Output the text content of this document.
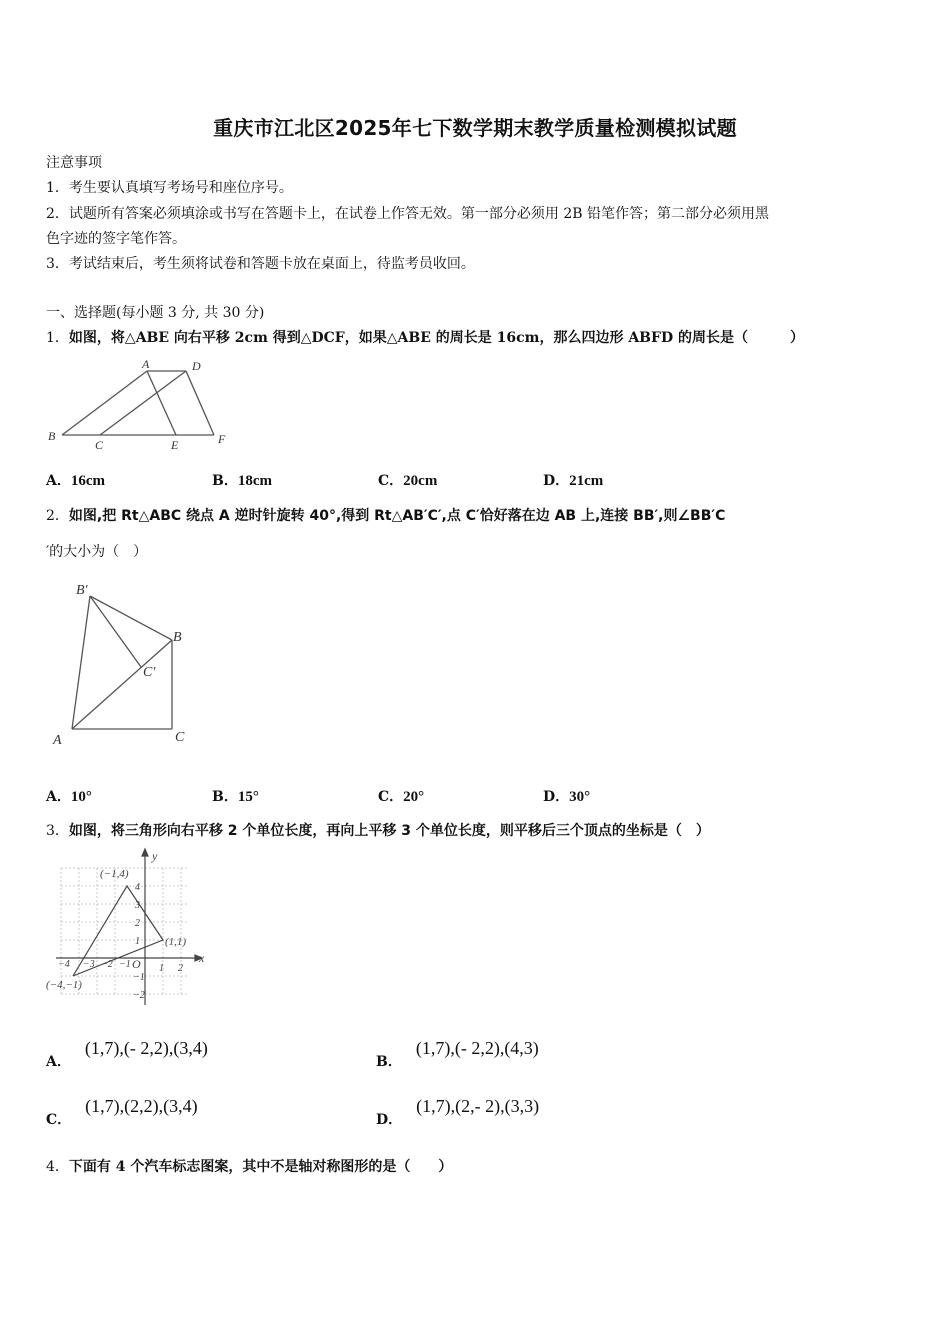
重庆市江北区2025年七下数学期末教学质量检测模拟试题
注意事项
1．考生要认真填写考场号和座位序号。
2．试题所有答案必须填涂或书写在答题卡上，在试卷上作答无效。第一部分必须用 2B 铅笔作答；第二部分必须用黑
色字迹的签字笔作答。
3．考试结束后，考生须将试卷和答题卡放在桌面上，待监考员收回。
一、选择题(每小题 3 分, 共 30 分)
1．如图，将△ABE 向右平移 2cm 得到△DCF，如果△ABE 的周长是 16cm，那么四边形 ABFD 的周长是（　　　）
A	D
B
C	E	F
A．16cm	B．18cm	C．20cm	D．21cm
2．如图,把 Rt△ABC 绕点 A 逆时针旋转 40°,得到 Rt△AB′C′,点 C′恰好落在边 AB 上,连接 BB′,则∠BB′C
′的大小为（　）
B′
B
C′
A	C
A．10°	B．15°	C．20°	D．30°
3．如图，将三角形向右平移 2 个单位长度，再向上平移 3 个单位长度，则平移后三个顶点的坐标是（　）
y
x
O
(−1,4)
(1,1)
(−4,−1)
−4 −3 −2 −1	1 2
4
3
2
1
−1
−2
A．(1,7),(- 2,2),(3,4)
B．(1,7),(- 2,2),(4,3)
C．(1,7),(2,2),(3,4)
D．(1,7),(2,- 2),(3,3)
4．下面有 4 个汽车标志图案，其中不是轴对称图形的是（　　）
